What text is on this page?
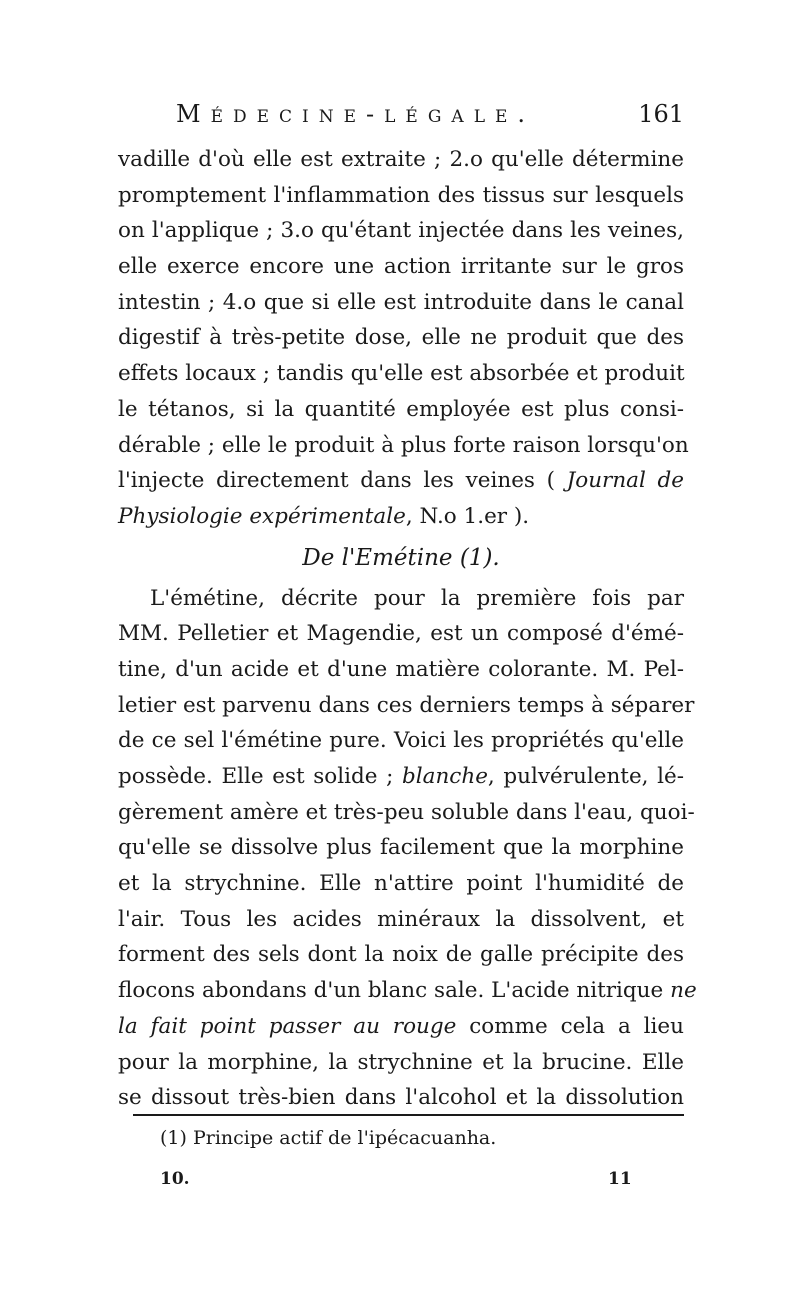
Médecine-légale.	161
vadille d'où elle est extraite ; 2.o qu'elle détermine
promptement l'inflammation des tissus sur lesquels
on l'applique ; 3.o qu'étant injectée dans les veines,
elle exerce encore une action irritante sur le gros
intestin ; 4.o que si elle est introduite dans le canal
digestif à très-petite dose, elle ne produit que des
effets locaux ; tandis qu'elle est absorbée et produit
le tétanos, si la quantité employée est plus consi-
dérable ; elle le produit à plus forte raison lorsqu'on
l'injecte directement dans les veines ( Journal de
Physiologie expérimentale, N.o 1.er ).
De l'Emétine (1).
L'émétine, décrite pour la première fois par
MM. Pelletier et Magendie, est un composé d'émé-
tine, d'un acide et d'une matière colorante. M. Pel-
letier est parvenu dans ces derniers temps à séparer
de ce sel l'émétine pure. Voici les propriétés qu'elle
possède. Elle est solide ; blanche, pulvérulente, lé-
gèrement amère et très-peu soluble dans l'eau, quoi-
qu'elle se dissolve plus facilement que la morphine
et la strychnine. Elle n'attire point l'humidité de
l'air. Tous les acides minéraux la dissolvent, et
forment des sels dont la noix de galle précipite des
flocons abondans d'un blanc sale. L'acide nitrique ne
la fait point passer au rouge comme cela a lieu
pour la morphine, la strychnine et la brucine. Elle
se dissout très-bien dans l'alcohol et la dissolution
(1) Principe actif de l'ipécacuanha.
10.	11
